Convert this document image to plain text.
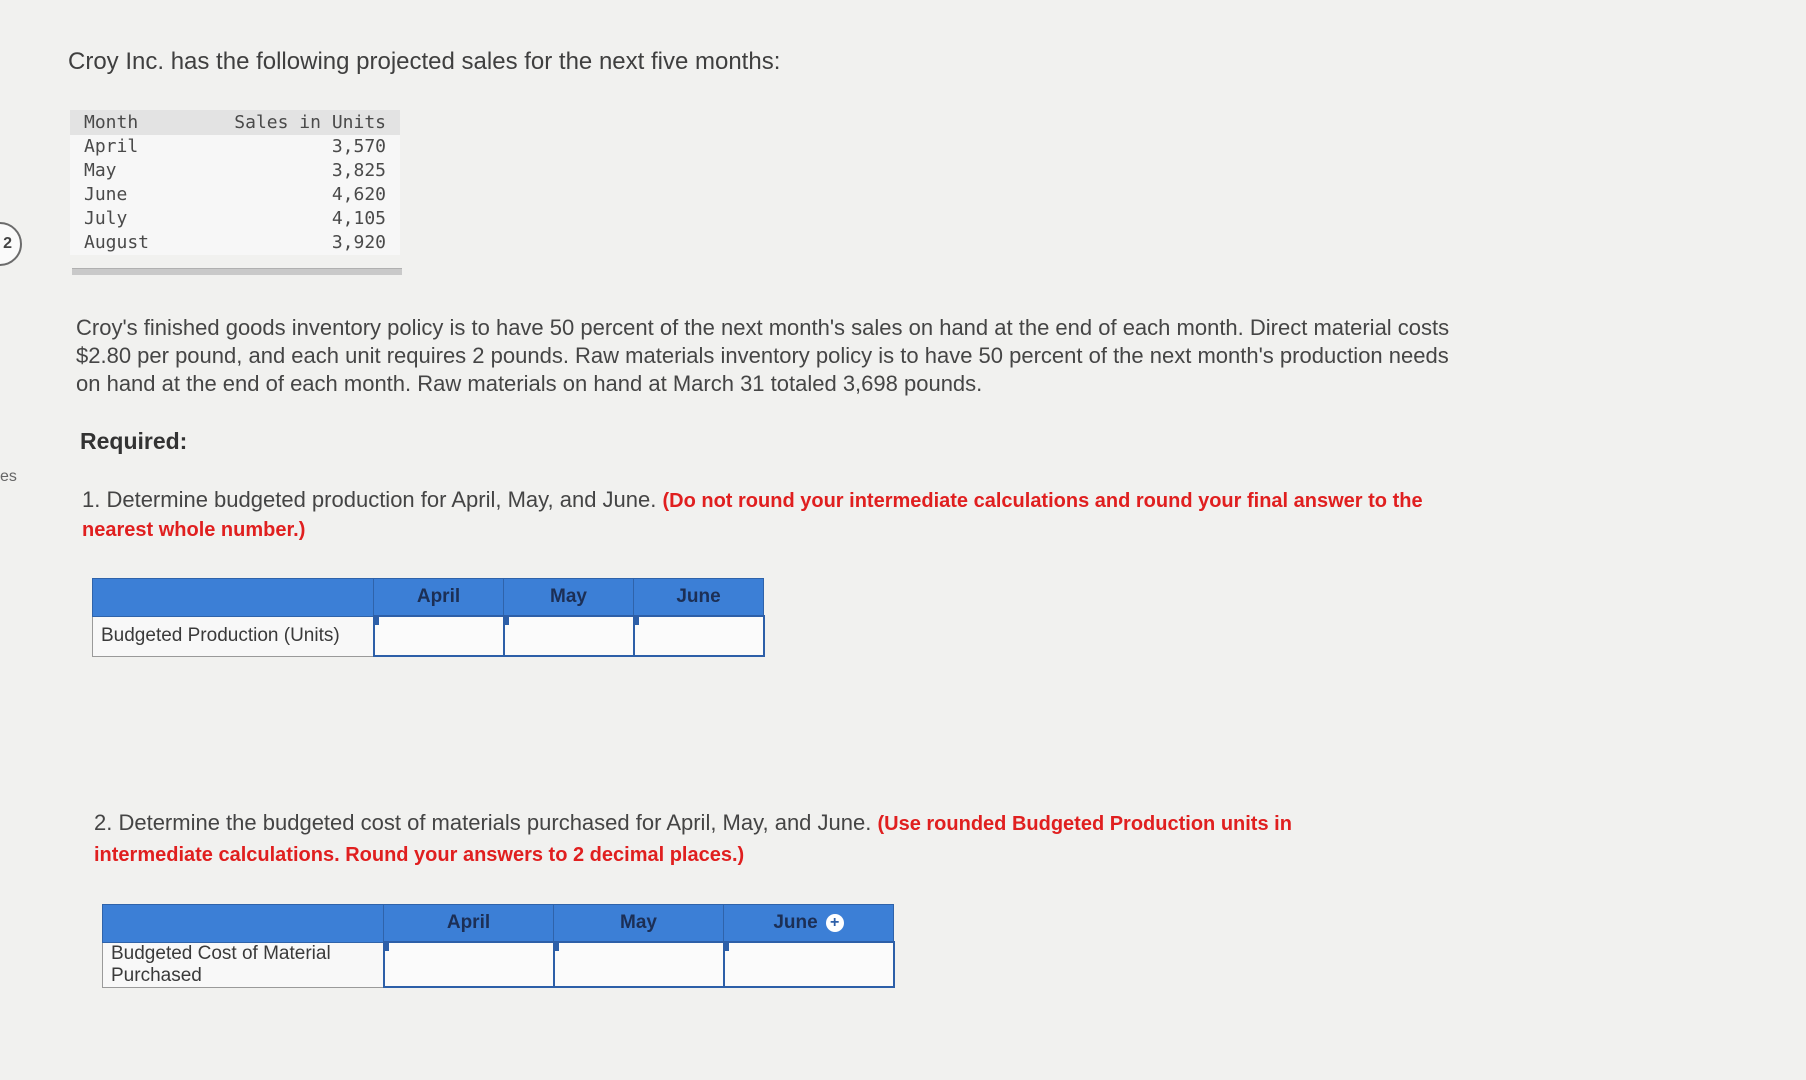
2
es
Croy Inc. has the following projected sales for the next five months:
Month	Sales in Units
April	3,570
May	3,825
June	4,620
July	4,105
August	3,920
Croy's finished goods inventory policy is to have 50 percent of the next month's sales on hand at the end of each month. Direct material costs $2.80 per pound, and each unit requires 2 pounds. Raw materials inventory policy is to have 50 percent of the next month's production needs on hand at the end of each month. Raw materials on hand at March 31 totaled 3,698 pounds.
Required:
1. Determine budgeted production for April, May, and June. (Do not round your intermediate calculations and round your final answer to the nearest whole number.)
	April	May	June
Budgeted Production (Units)			
2. Determine the budgeted cost of materials purchased for April, May, and June. (Use rounded Budgeted Production units in intermediate calculations. Round your answers to 2 decimal places.)
	April	May	June +
Budgeted Cost of Material Purchased			
